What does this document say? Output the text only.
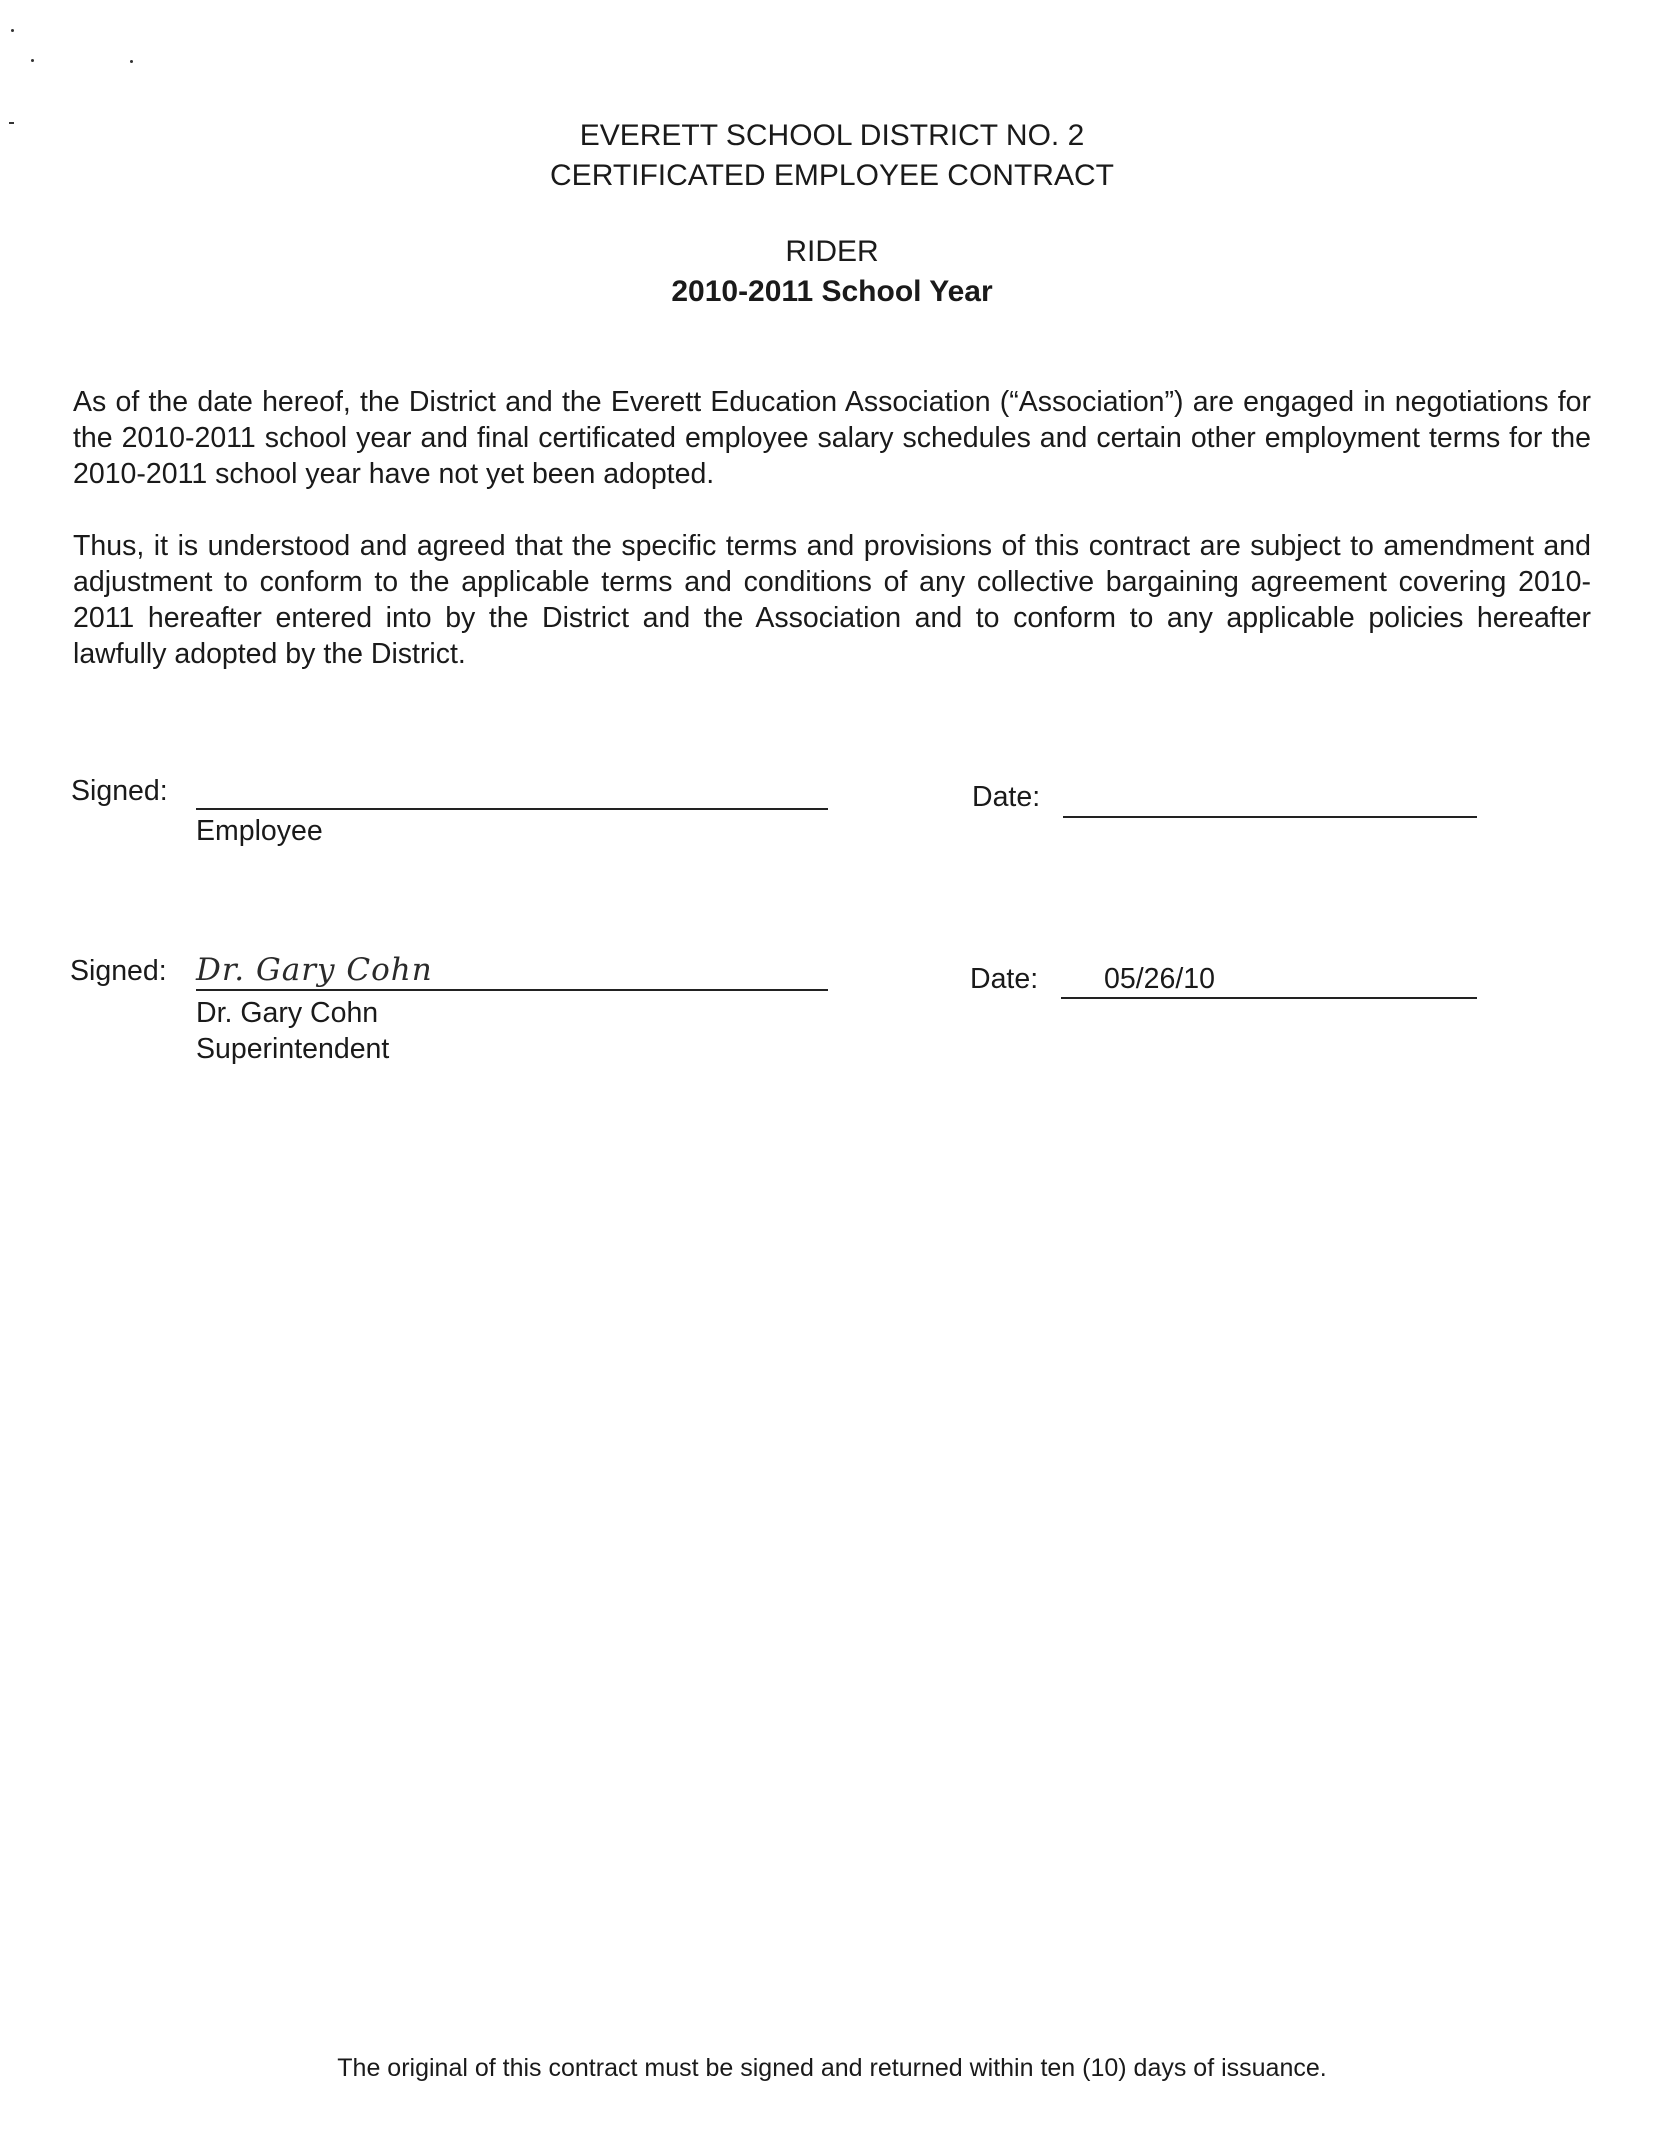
EVERETT SCHOOL DISTRICT NO. 2
CERTIFICATED EMPLOYEE CONTRACT
RIDER
2010-2011 School Year
As of the date hereof, the District and the Everett Education Association (“Association”) are engaged in negotiations for the 2010-2011 school year and final certificated employee salary schedules and certain other employment terms for the 2010-2011 school year have not yet been adopted.
Thus, it is understood and agreed that the specific terms and provisions of this contract are subject to amendment and adjustment to conform to the applicable terms and conditions of any collective bargaining agreement covering 2010-2011 hereafter entered into by the District and the Association and to conform to any applicable policies hereafter lawfully adopted by the District.
Signed:
Employee
Date:
Signed: Dr. Gary Cohn
Dr. Gary Cohn
Superintendent
Date: 05/26/10
The original of this contract must be signed and returned within ten (10) days of issuance.
